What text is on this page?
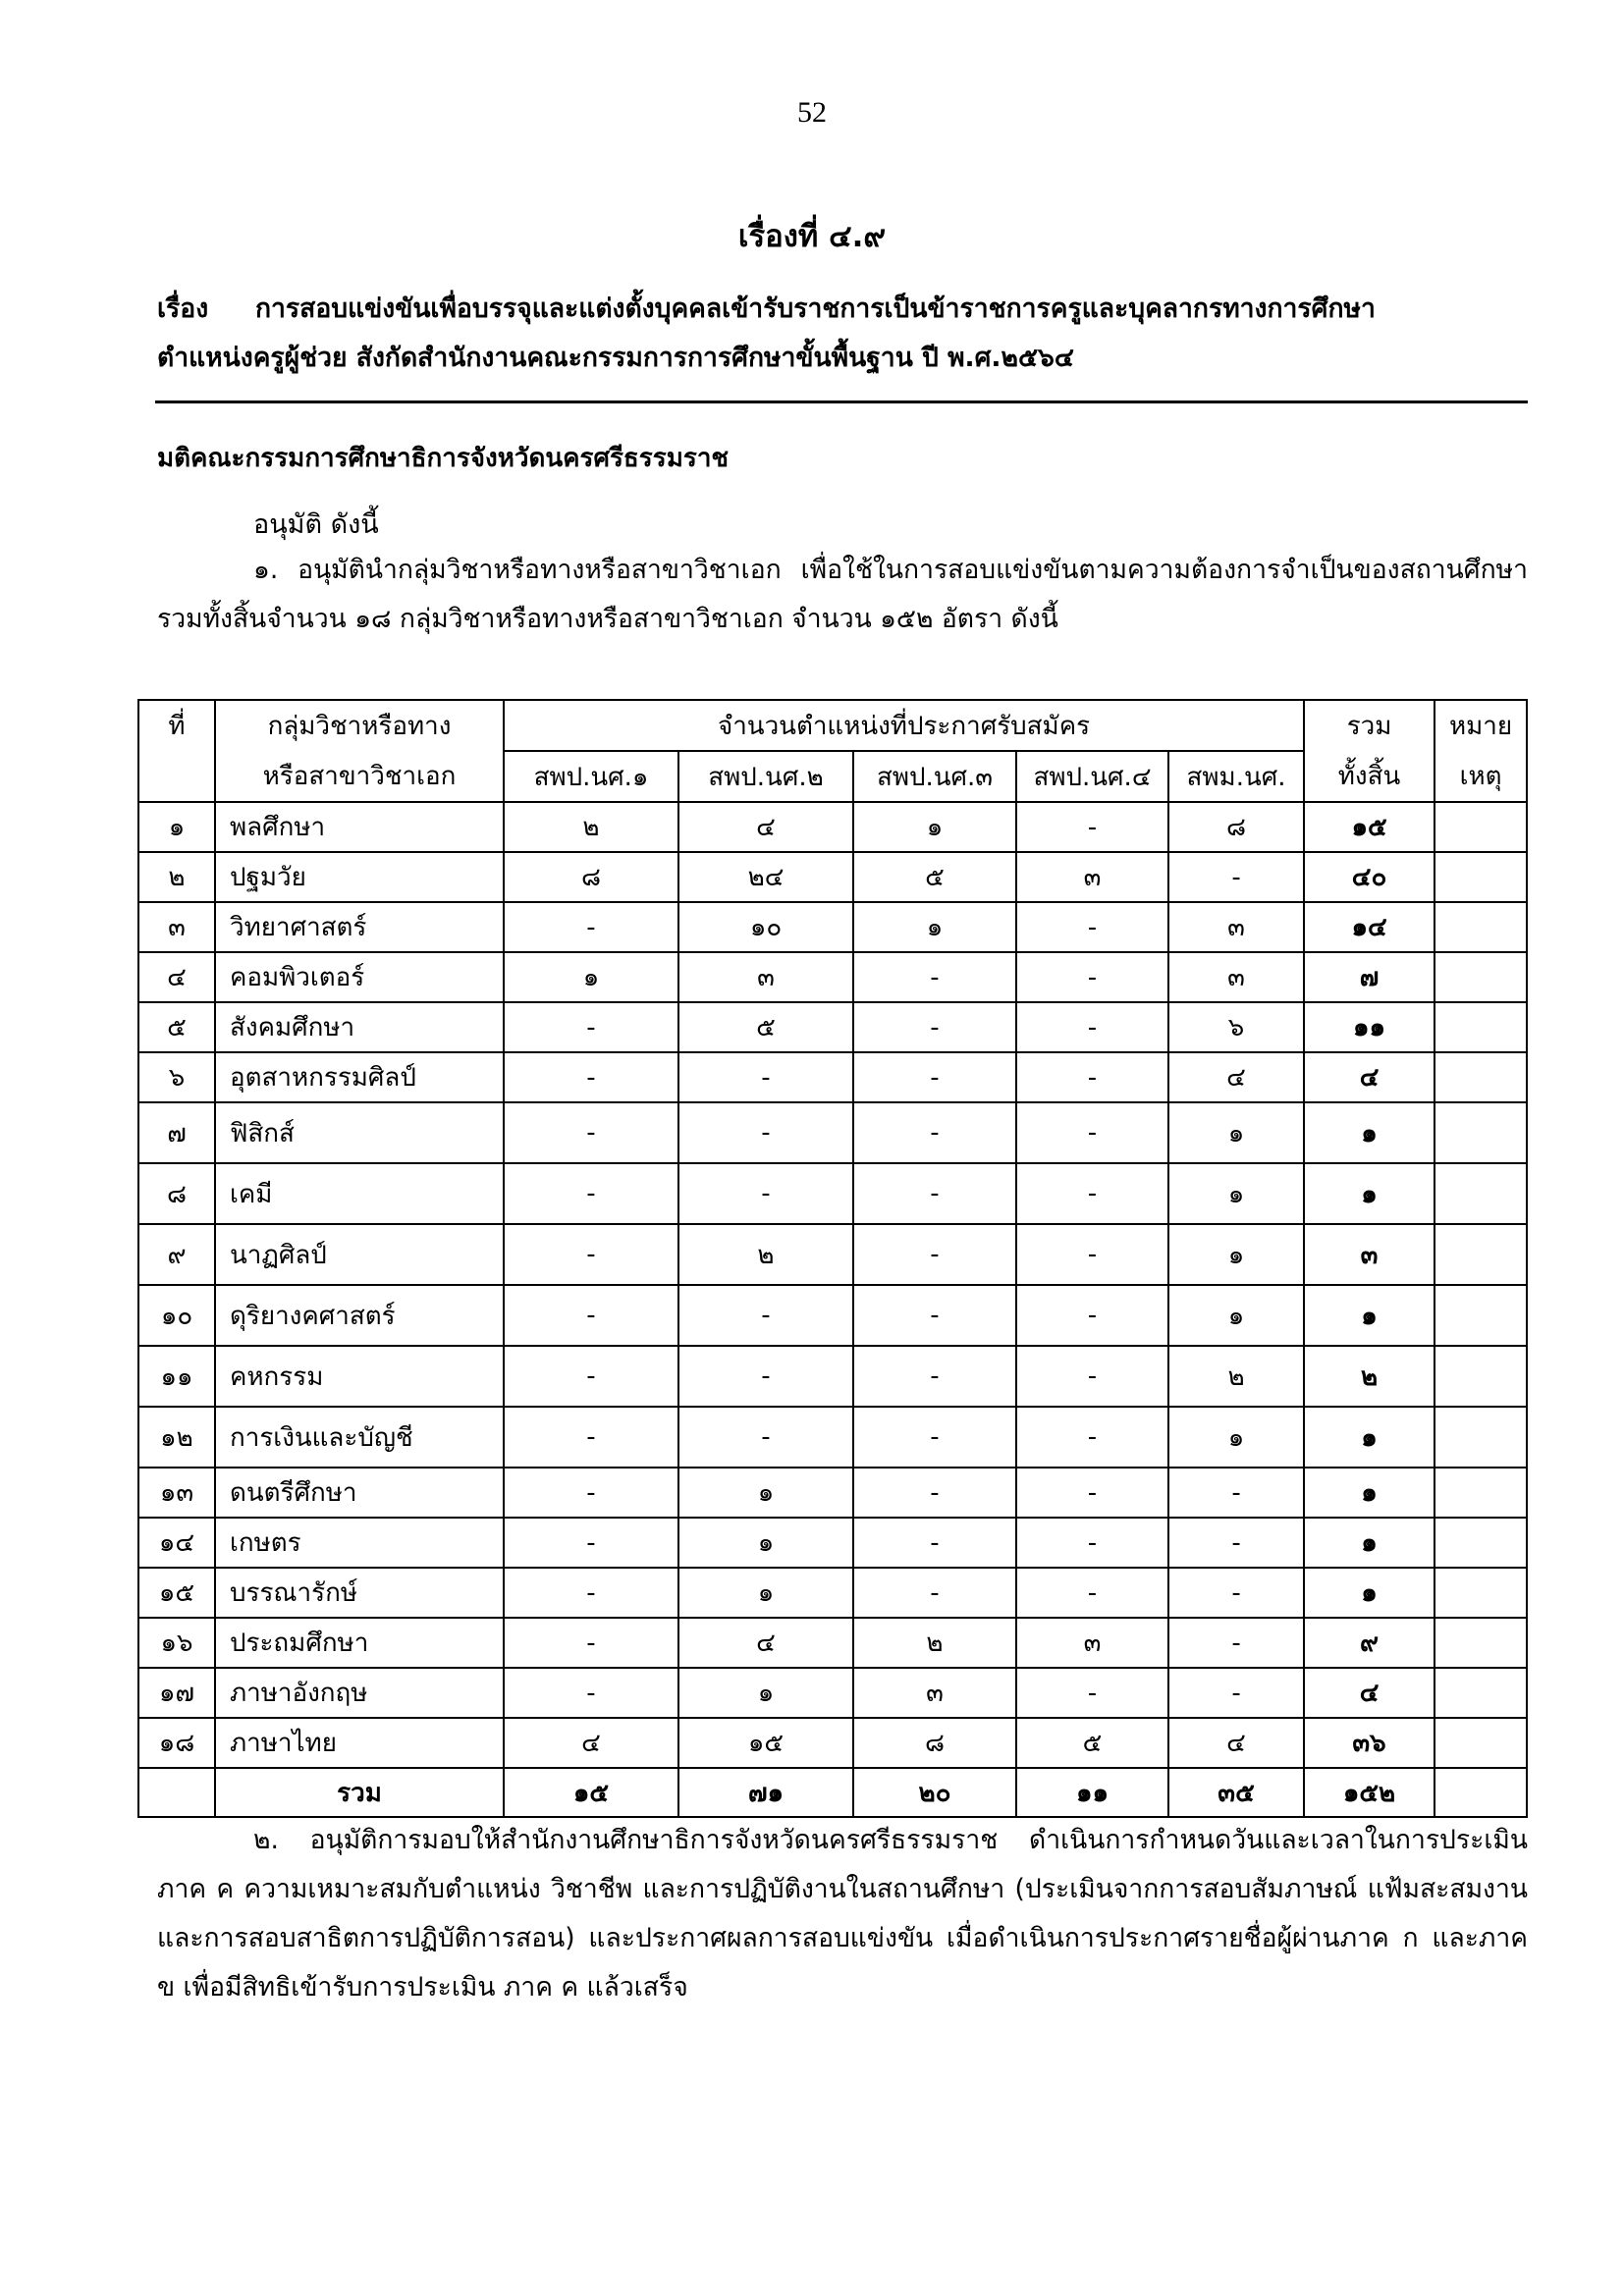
52
เรื่องที่ ๔.๙
เรื่อง การสอบแข่งขันเพื่อบรรจุและแต่งตั้งบุคคลเข้ารับราชการเป็นข้าราชการครูและบุคลากรทางการศึกษา
ตำแหน่งครูผู้ช่วย สังกัดสำนักงานคณะกรรมการการศึกษาขั้นพื้นฐาน ปี พ.ศ.๒๕๖๔
มติคณะกรรมการศึกษาธิการจังหวัดนครศรีธรรมราช
อนุมัติ ดังนี้
๑. อนุมัตินำกลุ่มวิชาหรือทางหรือสาขาวิชาเอก เพื่อใช้ในการสอบแข่งขันตามความต้องการจำเป็นของสถานศึกษา รวมทั้งสิ้นจำนวน ๑๘ กลุ่มวิชาหรือทางหรือสาขาวิชาเอก จำนวน ๑๕๒ อัตรา ดังนี้
ที่	กลุ่มวิชาหรือทาง	จำนวนตำแหน่งที่ประกาศรับสมัคร					รวม	หมาย
	หรือสาขาวิชาเอก	สพป.นศ.๑	สพป.นศ.๒	สพป.นศ.๓	สพป.นศ.๔	สพม.นศ.	ทั้งสิ้น	เหตุ
๑	พลศึกษา	๒	๔	๑	-	๘	๑๕	
๒	ปฐมวัย	๘	๒๔	๕	๓	-	๔๐	
๓	วิทยาศาสตร์	-	๑๐	๑	-	๓	๑๔	
๔	คอมพิวเตอร์	๑	๓	-	-	๓	๗	
๕	สังคมศึกษา	-	๕	-	-	๖	๑๑	
๖	อุตสาหกรรมศิลป์	-	-	-	-	๔	๔	
๗	ฟิสิกส์	-	-	-	-	๑	๑	
๘	เคมี	-	-	-	-	๑	๑	
๙	นาฏศิลป์	-	๒	-	-	๑	๓	
๑๐	ดุริยางคศาสตร์	-	-	-	-	๑	๑	
๑๑	คหกรรม	-	-	-	-	๒	๒	
๑๒	การเงินและบัญชี	-	-	-	-	๑	๑	
๑๓	ดนตรีศึกษา	-	๑	-	-	-	๑	
๑๔	เกษตร	-	๑	-	-	-	๑	
๑๕	บรรณารักษ์	-	๑	-	-	-	๑	
๑๖	ประถมศึกษา	-	๔	๒	๓	-	๙	
๑๗	ภาษาอังกฤษ	-	๑	๓	-	-	๔	
๑๘	ภาษาไทย	๔	๑๕	๘	๕	๔	๓๖	
	รวม	๑๕	๗๑	๒๐	๑๑	๓๕	๑๕๒	
๒. อนุมัติการมอบให้สำนักงานศึกษาธิการจังหวัดนครศรีธรรมราช ดำเนินการกำหนดวันและเวลาในการประเมินภาค ค ความเหมาะสมกับตำแหน่ง วิชาชีพ และการปฏิบัติงานในสถานศึกษา (ประเมินจากการสอบสัมภาษณ์ แฟ้มสะสมงาน และการสอบสาธิตการปฏิบัติการสอน) และประกาศผลการสอบแข่งขัน เมื่อดำเนินการประกาศรายชื่อผู้ผ่านภาค ก และภาค ข เพื่อมีสิทธิเข้ารับการประเมิน ภาค ค แล้วเสร็จ
